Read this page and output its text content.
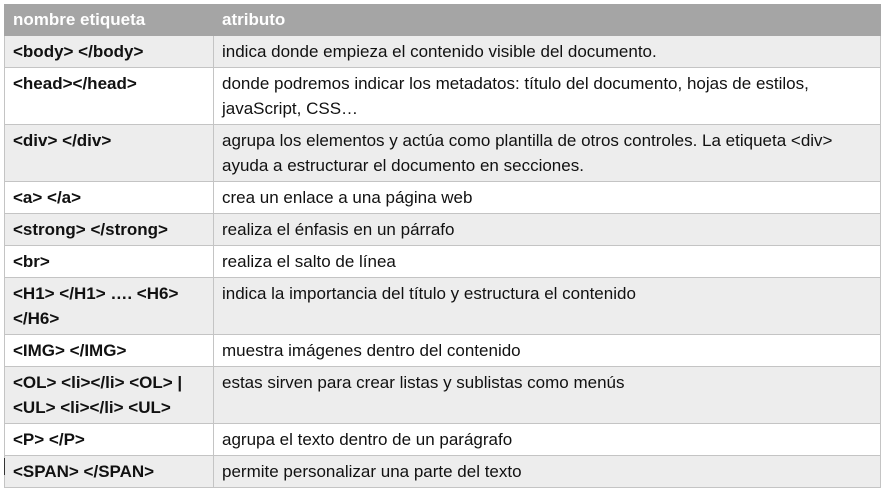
nombre etiqueta	atributo
<body> </body>	indica donde empieza el contenido visible del documento.
<head></head>	donde podremos indicar los metadatos: título del documento, hojas de estilos, javaScript, CSS…
<div> </div>	agrupa los elementos y actúa como plantilla de otros controles. La etiqueta <div> ayuda a estructurar el documento en secciones.
<a> </a>	crea un enlace a una página web
<strong> </strong>	realiza el énfasis en un párrafo
<br>	realiza el salto de línea
<H1> </H1> …. <H6> </H6>	indica la importancia del título y estructura el contenido
<IMG> </IMG>	muestra imágenes dentro del contenido
<OL> <li></li> <OL> | <UL> <li></li> <UL>	estas sirven para crear listas y sublistas como menús
<P> </P>	agrupa el texto dentro de un parágrafo
<SPAN> </SPAN>	permite personalizar una parte del texto
